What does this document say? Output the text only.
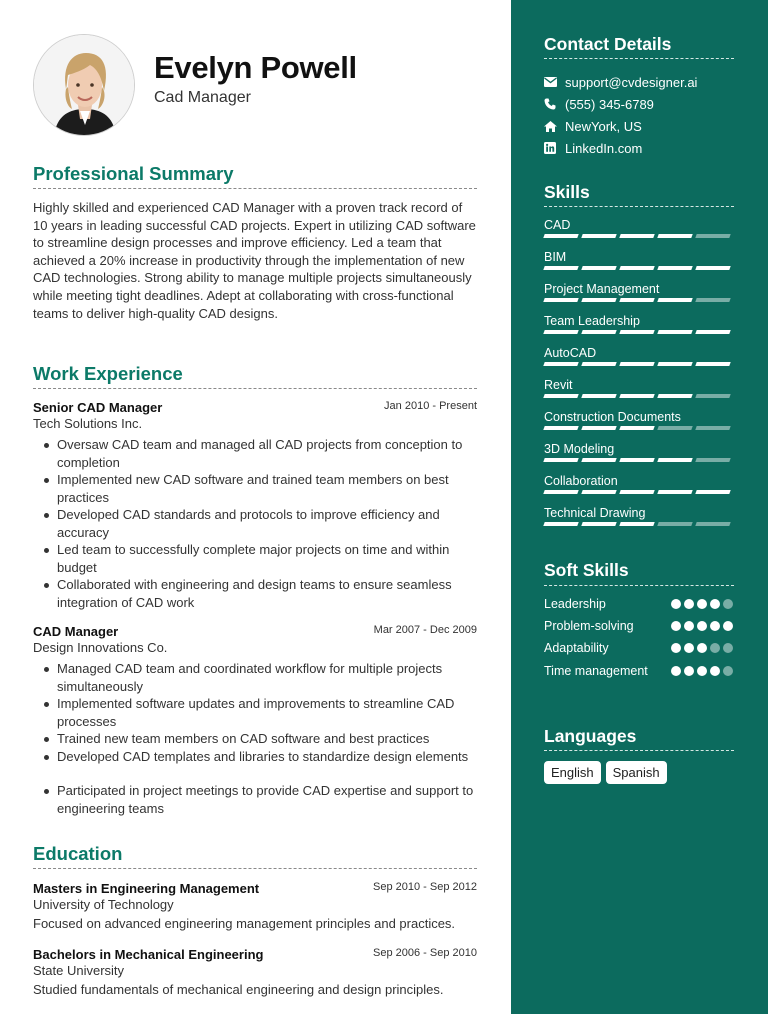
Evelyn Powell
Cad Manager
Professional Summary
Highly skilled and experienced CAD Manager with a proven track record of 10 years in leading successful CAD projects. Expert in utilizing CAD software to streamline design processes and improve efficiency. Led a team that achieved a 20% increase in productivity through the implementation of new CAD technologies. Strong ability to manage multiple projects simultaneously while meeting tight deadlines. Adept at collaborating with cross-functional teams to deliver high-quality CAD designs.
Work Experience
Senior CAD Manager	Jan 2010 - Present
Tech Solutions Inc.
Oversaw CAD team and managed all CAD projects from conception to completion
Implemented new CAD software and trained team members on best practices
Developed CAD standards and protocols to improve efficiency and accuracy
Led team to successfully complete major projects on time and within budget
Collaborated with engineering and design teams to ensure seamless integration of CAD work
CAD Manager	Mar 2007 - Dec 2009
Design Innovations Co.
Managed CAD team and coordinated workflow for multiple projects simultaneously
Implemented software updates and improvements to streamline CAD processes
Trained new team members on CAD software and best practices
Developed CAD templates and libraries to standardize design elements
Participated in project meetings to provide CAD expertise and support to engineering teams
Education
Masters in Engineering Management	Sep 2010 - Sep 2012
University of Technology
Focused on advanced engineering management principles and practices.
Bachelors in Mechanical Engineering	Sep 2006 - Sep 2010
State University
Studied fundamentals of mechanical engineering and design principles.
Contact Details
support@cvdesigner.ai
(555) 345-6789
NewYork, US
LinkedIn.com
Skills
CAD
BIM
Project Management
Team Leadership
AutoCAD
Revit
Construction Documents
3D Modeling
Collaboration
Technical Drawing
Soft Skills
Leadership
Problem-solving
Adaptability
Time management
Languages
English	Spanish
